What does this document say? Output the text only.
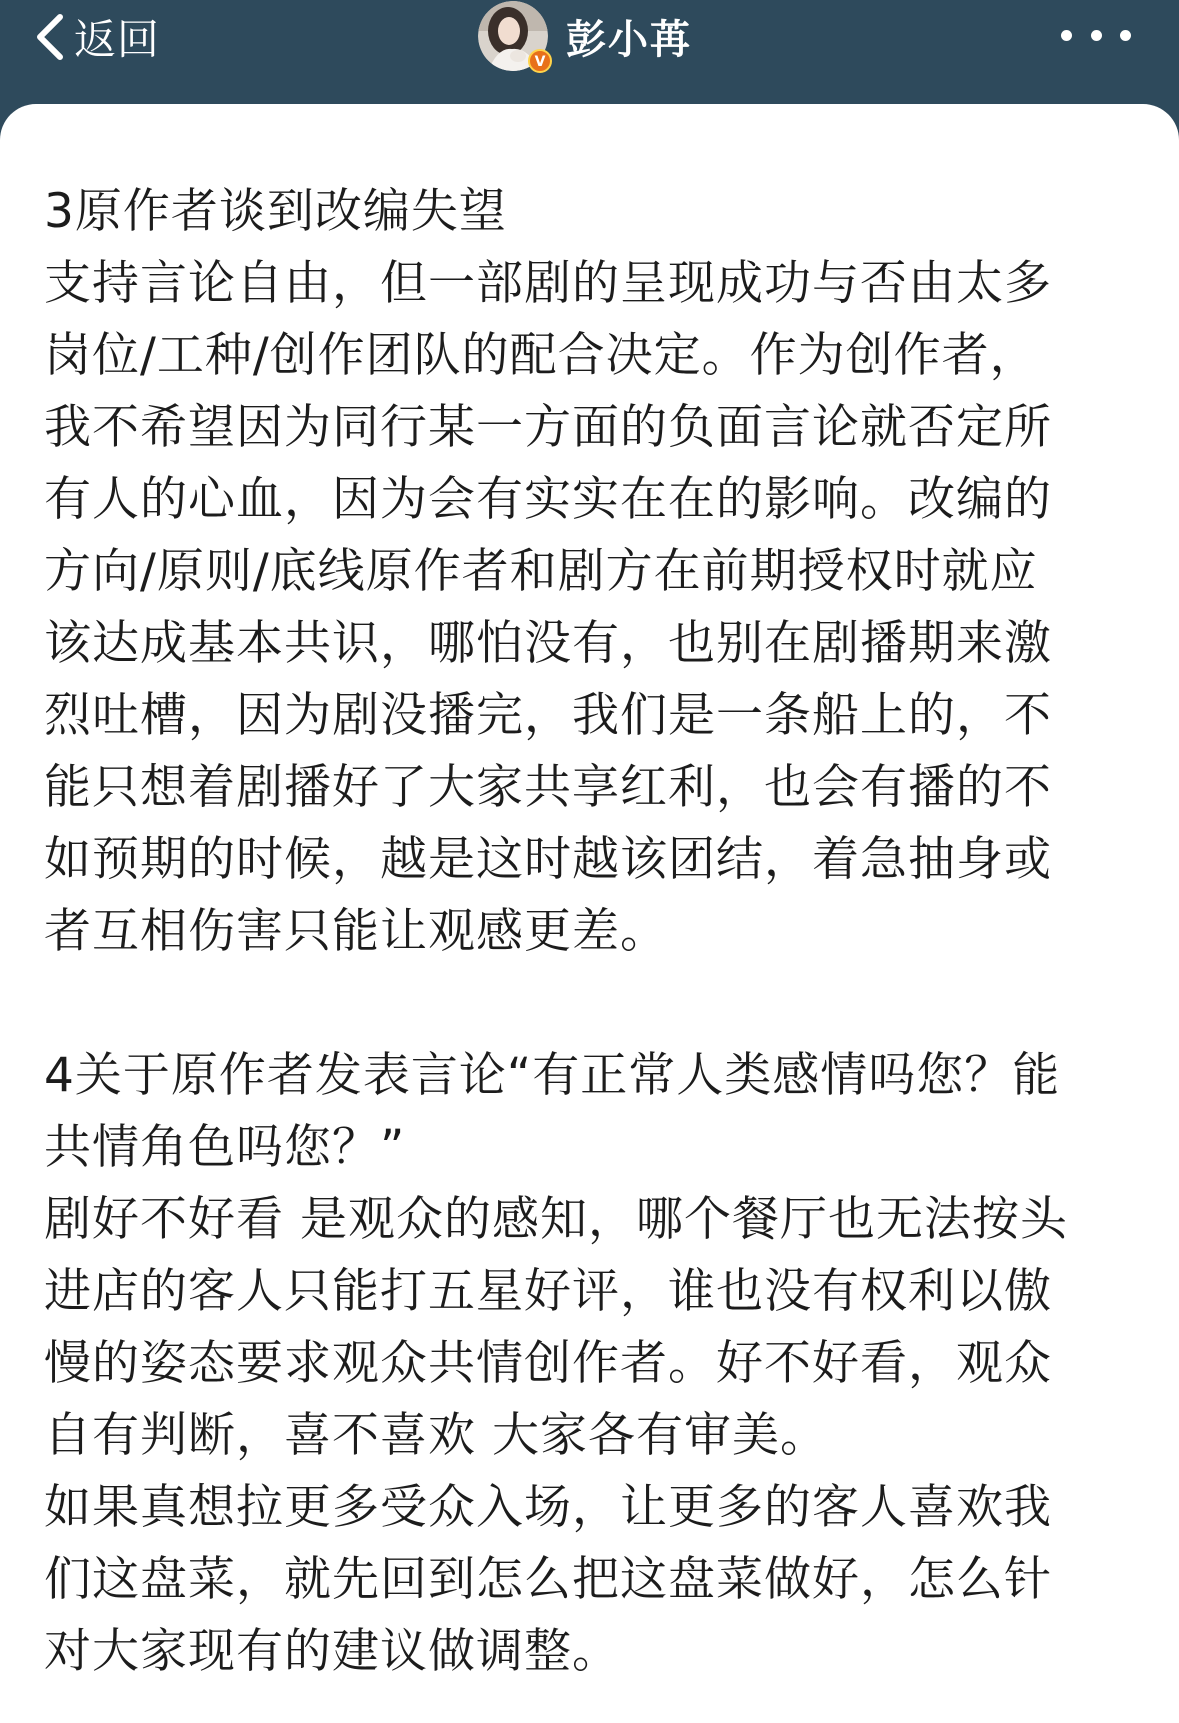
返回	V 彭小苒
3原作者谈到改编失望
支持言论自由，但一部剧的呈现成功与否由太多
岗位/工种/创作团队的配合决定。作为创作者，
我不希望因为同行某一方面的负面言论就否定所
有人的心血，因为会有实实在在的影响。改编的
方向/原则/底线原作者和剧方在前期授权时就应
该达成基本共识，哪怕没有，也别在剧播期来激
烈吐槽，因为剧没播完，我们是一条船上的，不
能只想着剧播好了大家共享红利，也会有播的不
如预期的时候，越是这时越该团结，着急抽身或
者互相伤害只能让观感更差。
4关于原作者发表言论“有正常人类感情吗您？能
共情角色吗您？”
剧好不好看 是观众的感知，哪个餐厅也无法按头
进店的客人只能打五星好评，谁也没有权利以傲
慢的姿态要求观众共情创作者。好不好看，观众
自有判断，喜不喜欢 大家各有审美。
如果真想拉更多受众入场，让更多的客人喜欢我
们这盘菜，就先回到怎么把这盘菜做好，怎么针
对大家现有的建议做调整。
